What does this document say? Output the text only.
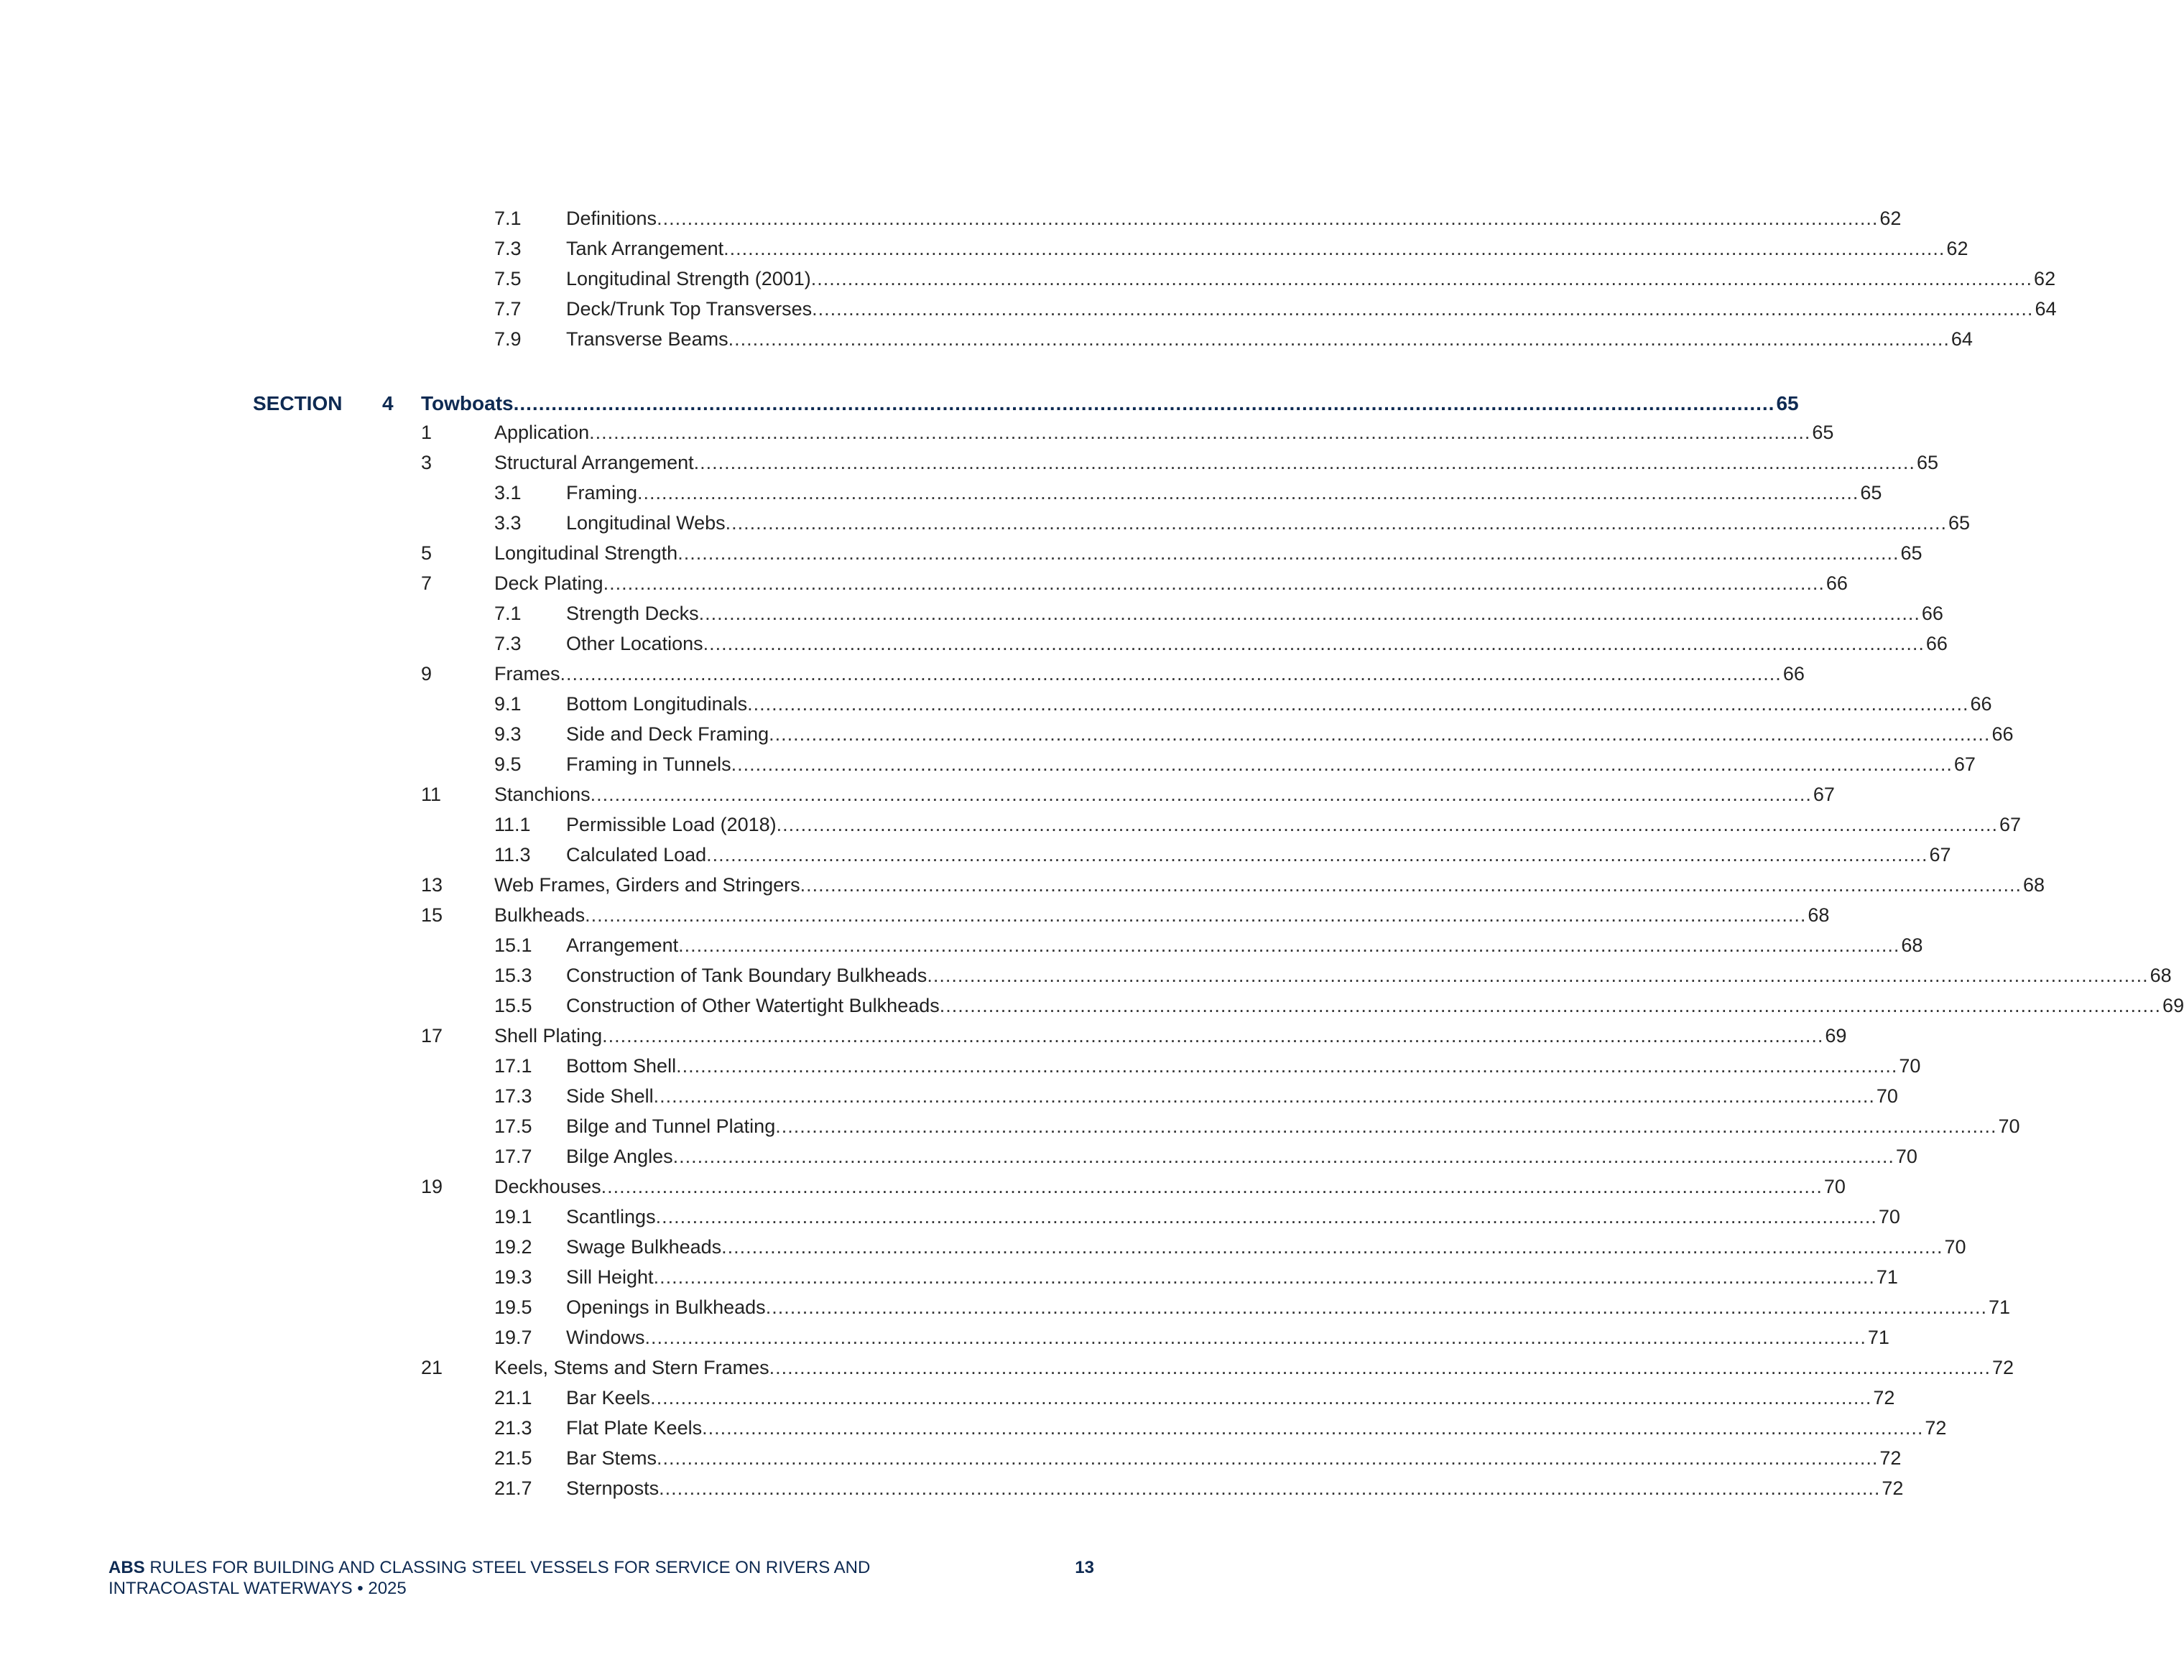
7.1 Definitions ........................................................................................................................................................................................................ 62
7.3 Tank Arrangement ........................................................................................................................................................................................................ 62
7.5 Longitudinal Strength (2001) ........................................................................................................................................................................................................ 62
7.7 Deck/Trunk Top Transverses ........................................................................................................................................................................................................ 64
7.9 Transverse Beams ........................................................................................................................................................................................................ 64
SECTION 4 Towboats ........................................................................................................................................................................................................ 65
1	Application ........................................................................................................................................................................................................ 65
3	Structural Arrangement ........................................................................................................................................................................................................ 65
3.1 Framing ........................................................................................................................................................................................................ 65
3.3 Longitudinal Webs ........................................................................................................................................................................................................ 65
5	Longitudinal Strength ........................................................................................................................................................................................................ 65
7	Deck Plating ........................................................................................................................................................................................................ 66
7.1 Strength Decks ........................................................................................................................................................................................................ 66
7.3 Other Locations ........................................................................................................................................................................................................ 66
9	Frames ........................................................................................................................................................................................................ 66
9.1 Bottom Longitudinals ........................................................................................................................................................................................................ 66
9.3 Side and Deck Framing ........................................................................................................................................................................................................ 66
9.5 Framing in Tunnels ........................................................................................................................................................................................................ 67
11	Stanchions ........................................................................................................................................................................................................ 67
11.1 Permissible Load (2018) ........................................................................................................................................................................................................ 67
11.3 Calculated Load ........................................................................................................................................................................................................ 67
13	Web Frames, Girders and Stringers ........................................................................................................................................................................................................ 68
15	Bulkheads ........................................................................................................................................................................................................ 68
15.1 Arrangement ........................................................................................................................................................................................................ 68
15.3 Construction of Tank Boundary Bulkheads ........................................................................................................................................................................................................ 68
15.5 Construction of Other Watertight Bulkheads ........................................................................................................................................................................................................ 69
17	Shell Plating ........................................................................................................................................................................................................ 69
17.1 Bottom Shell ........................................................................................................................................................................................................ 70
17.3 Side Shell ........................................................................................................................................................................................................ 70
17.5 Bilge and Tunnel Plating ........................................................................................................................................................................................................ 70
17.7 Bilge Angles ........................................................................................................................................................................................................ 70
19	Deckhouses ........................................................................................................................................................................................................ 70
19.1 Scantlings ........................................................................................................................................................................................................ 70
19.2 Swage Bulkheads ........................................................................................................................................................................................................ 70
19.3 Sill Height ........................................................................................................................................................................................................ 71
19.5 Openings in Bulkheads ........................................................................................................................................................................................................ 71
19.7 Windows ........................................................................................................................................................................................................ 71
21	Keels, Stems and Stern Frames ........................................................................................................................................................................................................ 72
21.1 Bar Keels ........................................................................................................................................................................................................ 72
21.3 Flat Plate Keels ........................................................................................................................................................................................................ 72
21.5 Bar Stems ........................................................................................................................................................................................................ 72
21.7 Sternposts ........................................................................................................................................................................................................ 72
ABS RULES FOR BUILDING AND CLASSING STEEL VESSELS FOR SERVICE ON RIVERS AND
INTRACOASTAL WATERWAYS • 2025
13
